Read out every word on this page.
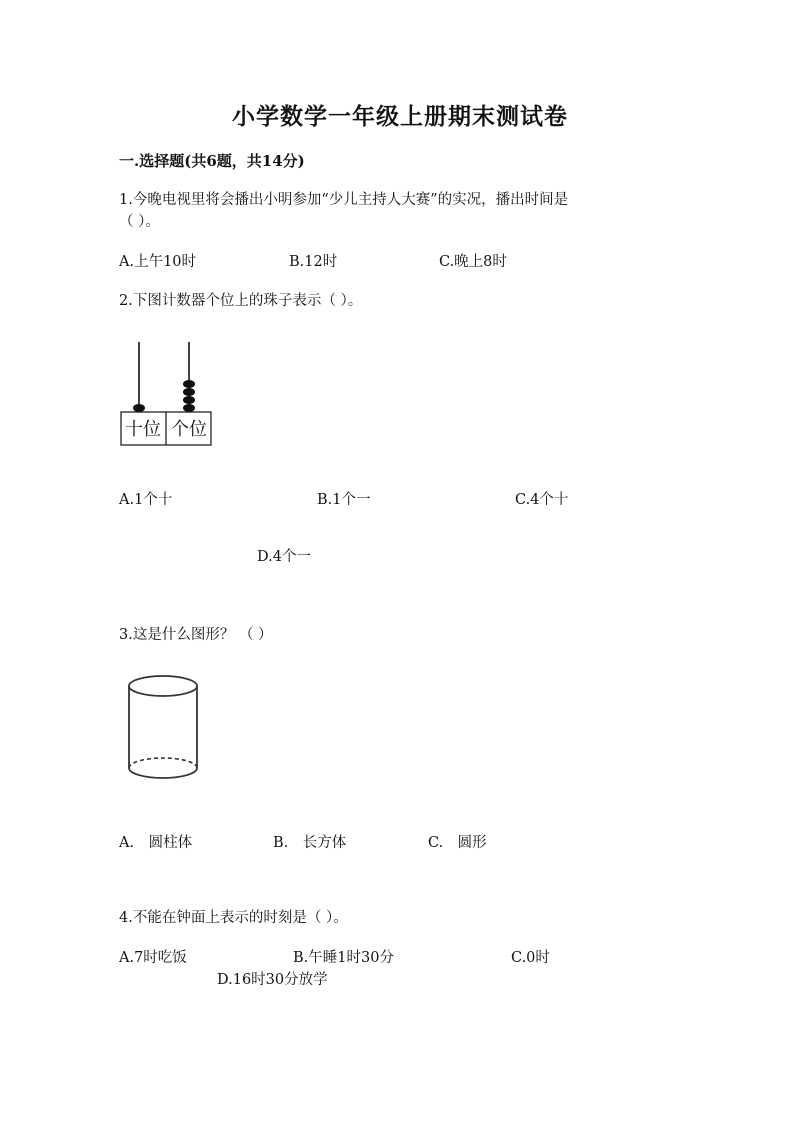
小学数学一年级上册期末测试卷
一.选择题(共6题，共14分)
1.今晚电视里将会播出小明参加“少儿主持人大赛”的实况，播出时间是
（ ）。
A.上午10时	B.12时	C.晚上8时
2.下图计数器个位上的珠子表示（ ）。
十位 个位
A.1个十	B.1个一	C.4个十
D.4个一
3.这是什么图形？ （ ）
A.　圆柱体	B.　长方体	C.　圆形
4.不能在钟面上表示的时刻是（ ）。
A.7时吃饭	B.午睡1时30分	C.0时
D.16时30分放学
